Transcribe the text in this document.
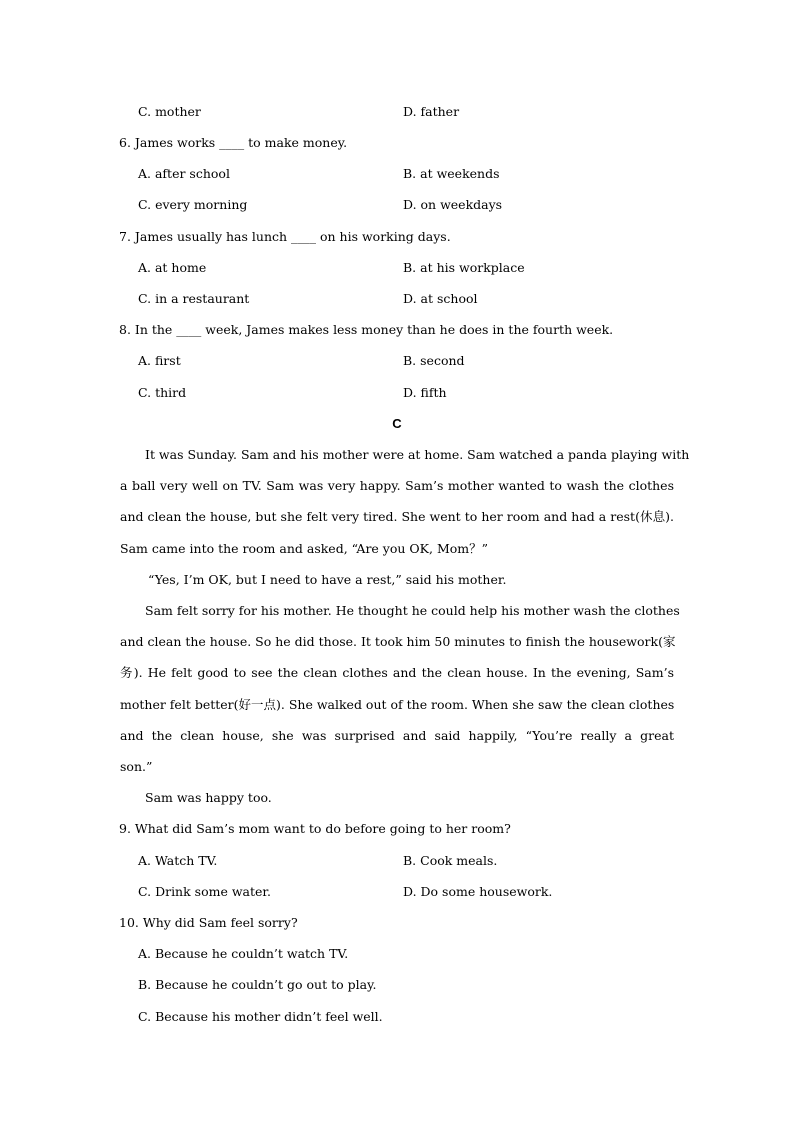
C. mother	D. father
6. James works ____ to make money.
A. after school	B. at weekends
C. every morning	D. on weekdays
7. James usually has lunch ____ on his working days.
A. at home	B. at his workplace
C. in a restaurant	D. at school
8. In the ____ week, James makes less money than he does in the fourth week.
A. first	B. second
C. third	D. fifth
C
It was Sunday. Sam and his mother were at home. Sam watched a panda playing with
a ball very well on TV. Sam was very happy. Sam’s mother wanted to wash the clothes
and clean the house, but she felt very tired. She went to her room and had a rest(休息).
Sam came into the room and asked, “Are you OK, Mom？”
“Yes, I’m OK, but I need to have a rest,” said his mother.
Sam felt sorry for his mother. He thought he could help his mother wash the clothes
and clean the house. So he did those. It took him 50 minutes to finish the housework(家
务). He felt good to see the clean clothes and the clean house. In the evening, Sam’s
mother felt better(好一点). She walked out of the room. When she saw the clean clothes
and the clean house, she was surprised and said happily, “You’re really a great
son.”
Sam was happy too.
9. What did Sam’s mom want to do before going to her room?
A. Watch TV.	B. Cook meals.
C. Drink some water.	D. Do some housework.
10. Why did Sam feel sorry?
A. Because he couldn’t watch TV.
B. Because he couldn’t go out to play.
C. Because his mother didn’t feel well.
